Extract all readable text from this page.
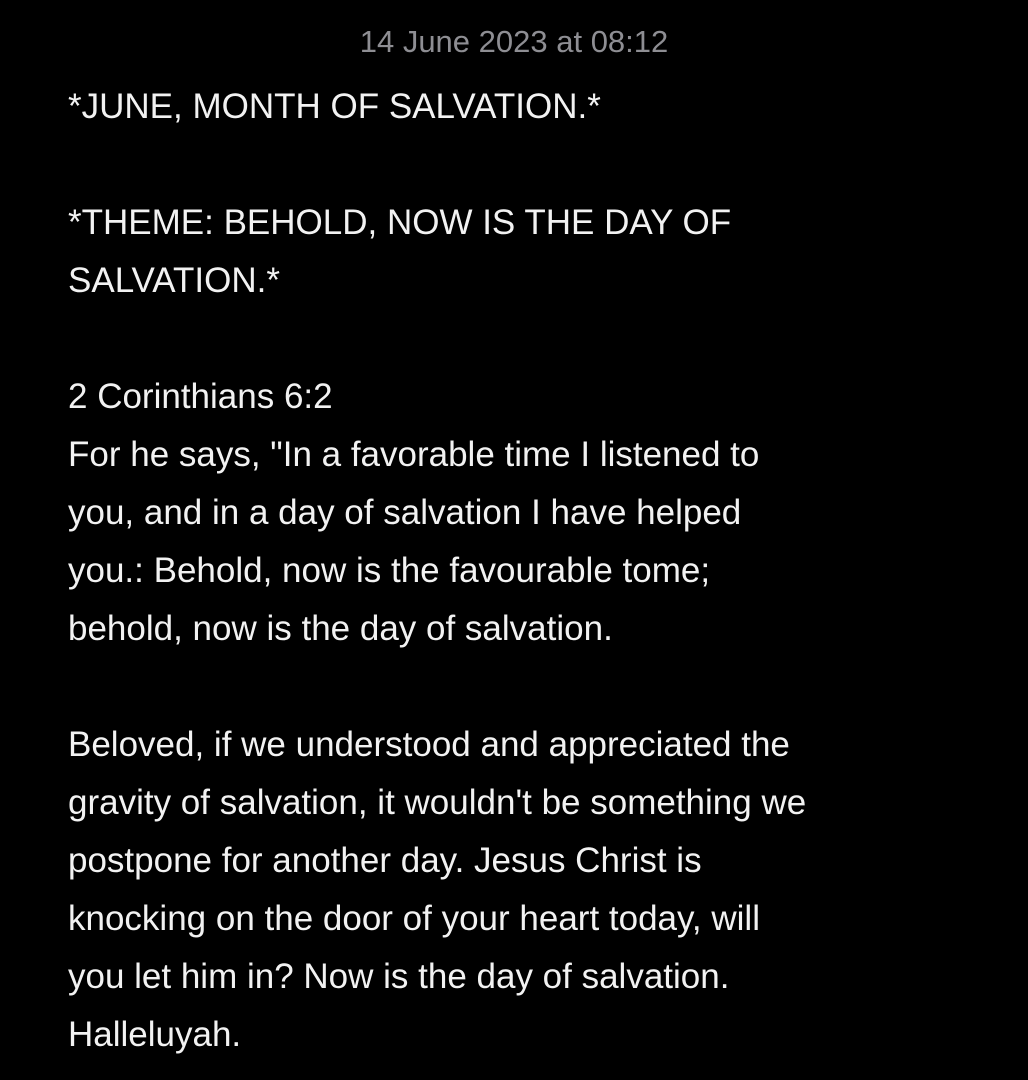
14 June 2023 at 08:12
*JUNE, MONTH OF SALVATION.*
*THEME: BEHOLD, NOW IS THE DAY OF
SALVATION.*
2 Corinthians 6:2
For he says, "In a favorable time I listened to
you, and in a day of salvation I have helped
you.: Behold, now is the favourable tome;
behold, now is the day of salvation.
Beloved, if we understood and appreciated the
gravity of salvation, it wouldn't be something we
postpone for another day. Jesus Christ is
knocking on the door of your heart today, will
you let him in? Now is the day of salvation.
Halleluyah.
